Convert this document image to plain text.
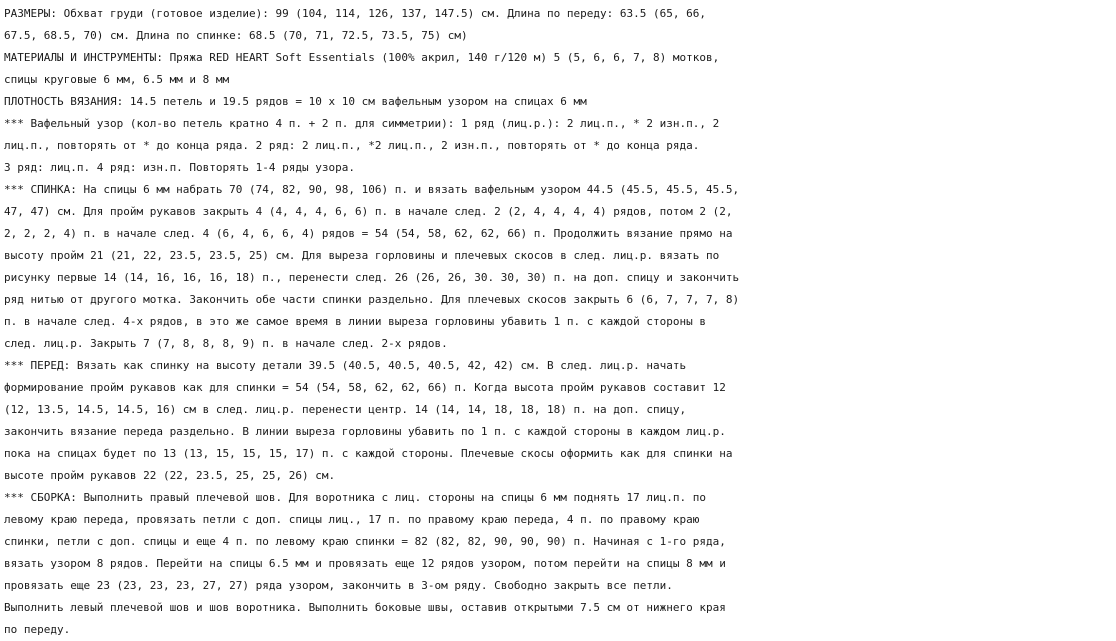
РАЗМЕРЫ: Обхват груди (готовое изделие): 99 (104, 114, 126, 137, 147.5) см. Длина по переду: 63.5 (65, 66,
67.5, 68.5, 70) см. Длина по спинке: 68.5 (70, 71, 72.5, 73.5, 75) см)
МАТЕРИАЛЫ И ИНСТРУМЕНТЫ: Пряжа RED HEART Soft Essentials (100% акрил, 140 г/120 м) 5 (5, 6, 6, 7, 8) мотков,
спицы круговые 6 мм, 6.5 мм и 8 мм
ПЛОТНОСТЬ ВЯЗАНИЯ: 14.5 петель и 19.5 рядов = 10 х 10 см вафельным узором на спицах 6 мм
*** Вафельный узор (кол-во петель кратно 4 п. + 2 п. для симметрии): 1 ряд (лиц.р.): 2 лиц.п., * 2 изн.п., 2
лиц.п., повторять от * до конца ряда. 2 ряд: 2 лиц.п., *2 лиц.п., 2 изн.п., повторять от * до конца ряда.
3 ряд: лиц.п. 4 ряд: изн.п. Повторять 1-4 ряды узора.
*** СПИНКА: На спицы 6 мм набрать 70 (74, 82, 90, 98, 106) п. и вязать вафельным узором 44.5 (45.5, 45.5, 45.5,
47, 47) см. Для пройм рукавов закрыть 4 (4, 4, 4, 6, 6) п. в начале след. 2 (2, 4, 4, 4, 4) рядов, потом 2 (2,
2, 2, 2, 4) п. в начале след. 4 (6, 4, 6, 6, 4) рядов = 54 (54, 58, 62, 62, 66) п. Продолжить вязание прямо на
высоту пройм 21 (21, 22, 23.5, 23.5, 25) см. Для выреза горловины и плечевых скосов в след. лиц.р. вязать по
рисунку первые 14 (14, 16, 16, 16, 18) п., перенести след. 26 (26, 26, 30. 30, 30) п. на доп. спицу и закончить
ряд нитью от другого мотка. Закончить обе части спинки раздельно. Для плечевых скосов закрыть 6 (6, 7, 7, 7, 8)
п. в начале след. 4-х рядов, в это же самое время в линии выреза горловины убавить 1 п. с каждой стороны в
след. лиц.р. Закрыть 7 (7, 8, 8, 8, 9) п. в начале след. 2-х рядов.
*** ПЕРЕД: Вязать как спинку на высоту детали 39.5 (40.5, 40.5, 40.5, 42, 42) см. В след. лиц.р. начать
формирование пройм рукавов как для спинки = 54 (54, 58, 62, 62, 66) п. Когда высота пройм рукавов составит 12
(12, 13.5, 14.5, 14.5, 16) см в след. лиц.р. перенести центр. 14 (14, 14, 18, 18, 18) п. на доп. спицу,
закончить вязание переда раздельно. В линии выреза горловины убавить по 1 п. с каждой стороны в каждом лиц.р.
пока на спицах будет по 13 (13, 15, 15, 15, 17) п. с каждой стороны. Плечевые скосы оформить как для спинки на
высоте пройм рукавов 22 (22, 23.5, 25, 25, 26) см.
*** СБОРКА: Выполнить правый плечевой шов. Для воротника с лиц. стороны на спицы 6 мм поднять 17 лиц.п. по
левому краю переда, провязать петли с доп. спицы лиц., 17 п. по правому краю переда, 4 п. по правому краю
спинки, петли с доп. спицы и еще 4 п. по левому краю спинки = 82 (82, 82, 90, 90, 90) п. Начиная с 1-го ряда,
вязать узором 8 рядов. Перейти на спицы 6.5 мм и провязать еще 12 рядов узором, потом перейти на спицы 8 мм и
провязать еще 23 (23, 23, 23, 27, 27) ряда узором, закончить в 3-ом ряду. Свободно закрыть все петли.
Выполнить левый плечевой шов и шов воротника. Выполнить боковые швы, оставив открытыми 7.5 см от нижнего края
по переду.
